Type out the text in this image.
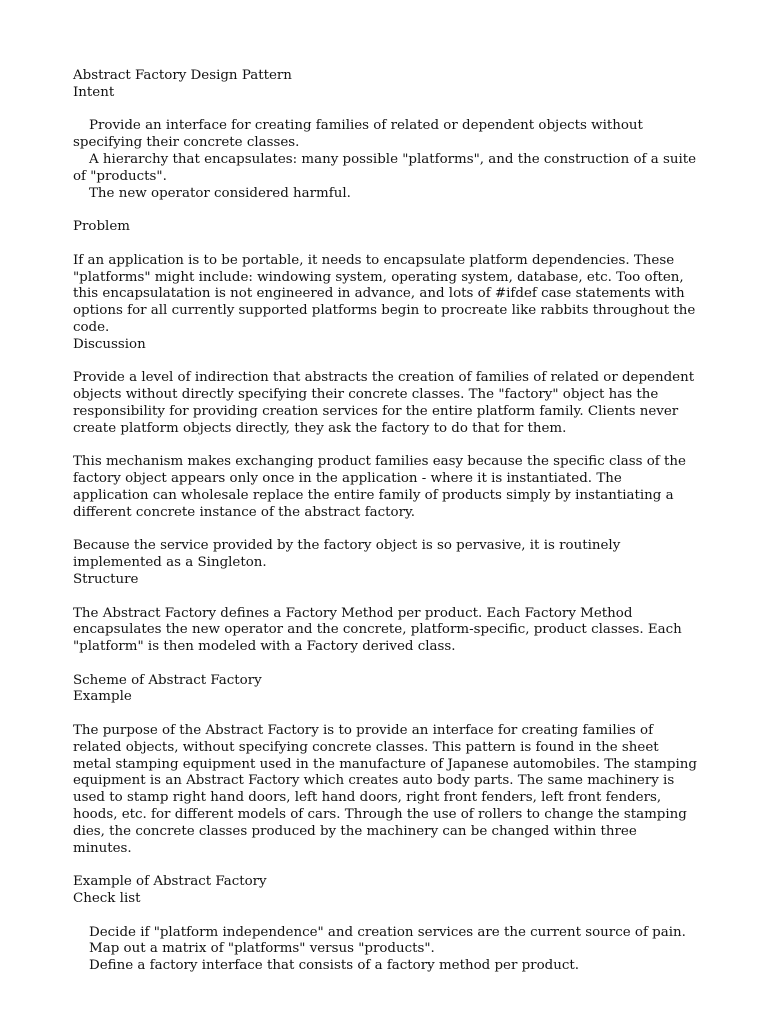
Abstract Factory Design Pattern
Intent

Provide an interface for creating families of related or dependent objects without specifying their concrete classes.

A hierarchy that encapsulates: many possible "platforms", and the construction of a suite of "products".

The new operator considered harmful.

Problem

If an application is to be portable, it needs to encapsulate platform dependencies. These "platforms" might include: windowing system, operating system, database, etc. Too often, this encapsulatation is not engineered in advance, and lots of #ifdef case statements with options for all currently supported platforms begin to procreate like rabbits throughout the code.

Discussion

Provide a level of indirection that abstracts the creation of families of related or dependent objects without directly specifying their concrete classes. The "factory" object has the responsibility for providing creation services for the entire platform family. Clients never create platform objects directly, they ask the factory to do that for them.

This mechanism makes exchanging product families easy because the specific class of the factory object appears only once in the application - where it is instantiated. The application can wholesale replace the entire family of products simply by instantiating a different concrete instance of the abstract factory.

Because the service provided by the factory object is so pervasive, it is routinely implemented as a Singleton.

Structure

The Abstract Factory defines a Factory Method per product. Each Factory Method encapsulates the new operator and the concrete, platform-specific, product classes. Each "platform" is then modeled with a Factory derived class.

Scheme of Abstract Factory
Example

The purpose of the Abstract Factory is to provide an interface for creating families of related objects, without specifying concrete classes. This pattern is found in the sheet metal stamping equipment used in the manufacture of Japanese automobiles. The stamping equipment is an Abstract Factory which creates auto body parts. The same machinery is used to stamp right hand doors, left hand doors, right front fenders, left front fenders, hoods, etc. for different models of cars. Through the use of rollers to change the stamping dies, the concrete classes produced by the machinery can be changed within three minutes.

Example of Abstract Factory
Check list

Decide if "platform independence" and creation services are the current source of pain.

Map out a matrix of "platforms" versus "products".

Define a factory interface that consists of a factory method per product.
